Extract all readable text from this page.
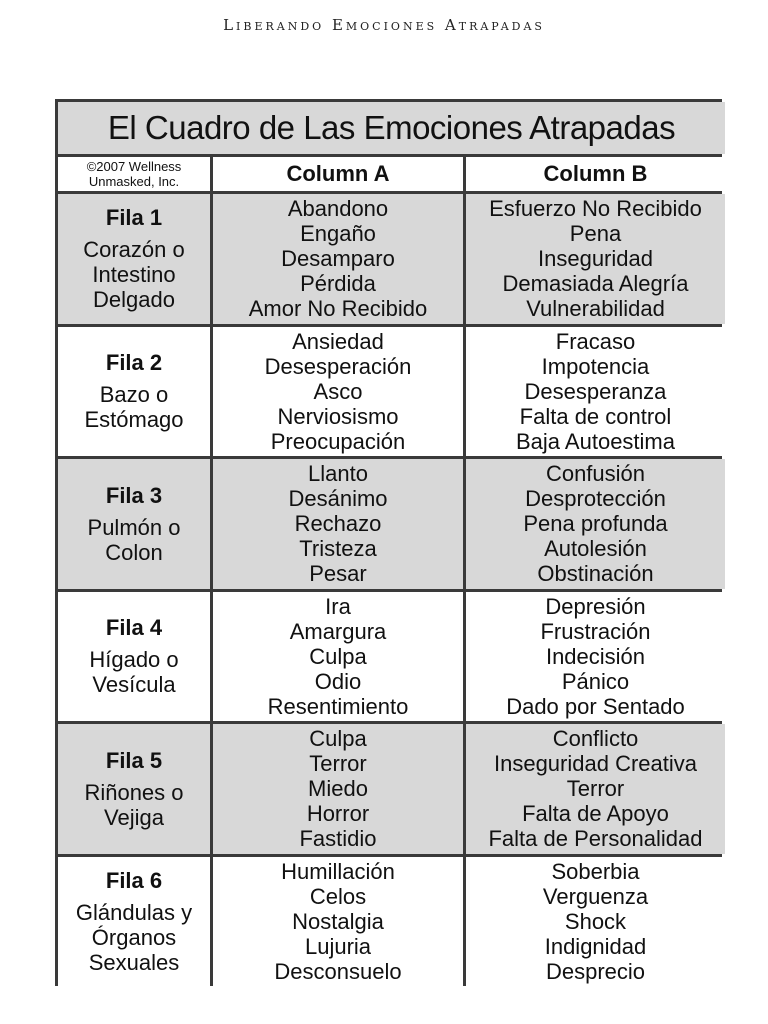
Liberando Emociones Atrapadas
El Cuadro de Las Emociones Atrapadas
©2007 Wellness Unmasked, Inc.	Column A	Column B
Fila 1
Corazón o Intestino Delgado
Abandono
Engaño
Desamparo
Pérdida
Amor No Recibido
Esfuerzo No Recibido
Pena
Inseguridad
Demasiada Alegría
Vulnerabilidad
Fila 2
Bazo o Estómago
Ansiedad
Desesperación
Asco
Nerviosismo
Preocupación
Fracaso
Impotencia
Desesperanza
Falta de control
Baja Autoestima
Fila 3
Pulmón o Colon
Llanto
Desánimo
Rechazo
Tristeza
Pesar
Confusión
Desprotección
Pena profunda
Autolesión
Obstinación
Fila 4
Hígado o Vesícula
Ira
Amargura
Culpa
Odio
Resentimiento
Depresión
Frustración
Indecisión
Pánico
Dado por Sentado
Fila 5
Riñones o Vejiga
Culpa
Terror
Miedo
Horror
Fastidio
Conflicto
Inseguridad Creativa
Terror
Falta de Apoyo
Falta de Personalidad
Fila 6
Glándulas y Órganos Sexuales
Humillación
Celos
Nostalgia
Lujuria
Desconsuelo
Soberbia
Verguenza
Shock
Indignidad
Desprecio
